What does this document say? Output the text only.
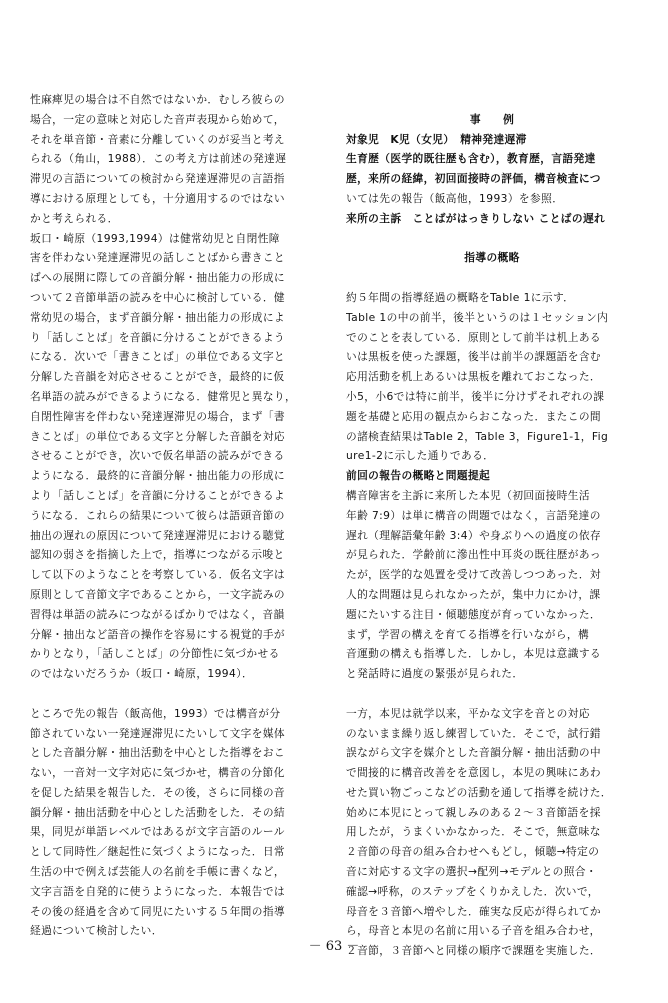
性麻痺児の場合は不自然ではないか．むしろ彼らの
場合，一定の意味と対応した音声表現から始めて，
それを単音節・音素に分離していくのが妥当と考え
られる（角山，1988）．この考え方は前述の発達遅
滞児の言語についての検討から発達遅滞児の言語指
導における原理としても，十分適用するのではない
かと考えられる．
坂口・崎原（1993,1994）は健常幼児と自閉性障
害を伴わない発達遅滞児の話しことばから書きこと
ばへの展開に際しての音韻分解・抽出能力の形成に
ついて２音節単語の読みを中心に検討している．健
常幼児の場合，まず音韻分解・抽出能力の形成によ
り「話しことば」を音韻に分けることができるよう
になる．次いで「書きことば」の単位である文字と
分解した音韻を対応させることができ，最終的に仮
名単語の読みができるようになる．健常児と異なり，
自閉性障害を伴わない発達遅滞児の場合，まず「書
きことば」の単位である文字と分解した音韻を対応
させることができ，次いで仮名単語の読みができる
ようになる．最終的に音韻分解・抽出能力の形成に
より「話しことば」を音韻に分けることができるよ
うになる．これらの結果について彼らは語頭音節の
抽出の遅れの原因について発達遅滞児における聴覚
認知の弱さを指摘した上で，指導につながる示唆と
して以下のようなことを考察している．仮名文字は
原則として音節文字であることから，一文字読みの
習得は単語の読みにつながるばかりではなく，音韻
分解・抽出など語音の操作を容易にする視覚的手が
かりとなり，「話しことば」の分節性に気づかせる
のではないだろうか（坂口・崎原，1994）．
ところで先の報告（飯高他，1993）では構音が分
節されていない一発達遅滞児にたいして文字を媒体
とした音韻分解・抽出活動を中心とした指導をおこ
ない，一音対一文字対応に気づかせ，構音の分節化
を促した結果を報告した．その後，さらに同様の音
韻分解・抽出活動を中心とした活動をした．その結
果，同児が単語レベルではあるが文字言語のルール
として同時性／継起性に気づくようになった．日常
生活の中で例えば芸能人の名前を手帳に書くなど，
文字言語を自発的に使うようになった．本報告では
その後の経過を含めて同児にたいする５年間の指導
経過について検討したい．
事　　例
対象児　K児（女児）　精神発達遅滞
生育歴（医学的既往歴も含む），教育歴，言語発達
歴，来所の経緯，初回面接時の評価，構音検査につ
いては先の報告（飯高他，1993）を参照．
来所の主訴　ことばがはっきりしない ことばの遅れ
指導の概略
約５年間の指導経過の概略をTable 1に示す．
Table 1の中の前半，後半というのは１セッション内
でのことを表している．原則として前半は机上ある
いは黒板を使った課題，後半は前半の課題語を含む
応用活動を机上あるいは黒板を離れておこなった．
小5，小6では特に前半，後半に分けずそれぞれの課
題を基礎と応用の観点からおこなった．またこの間
の諸検査結果はTable 2，Table 3，Figure1-1，Fig
ure1-2に示した通りである．
前回の報告の概略と問題提起
構音障害を主訴に来所した本児（初回面接時生活
年齢 7:9）は単に構音の問題ではなく，言語発達の
遅れ（理解語彙年齢 3:4）や身ぶりへの過度の依存
が見られた．学齢前に滲出性中耳炎の既往歴があっ
たが，医学的な処置を受けて改善しつつあった．対
人的な問題は見られなかったが，集中力にかけ，課
題にたいする注目・傾聴態度が育っていなかった．
まず，学習の構えを育てる指導を行いながら，構
音運動の構えも指導した．しかし，本児は意識する
と発話時に過度の緊張が見られた．
一方，本児は就学以来，平かな文字を音との対応
のないまま繰り返し練習していた．そこで，試行錯
誤ながら文字を媒介とした音韻分解・抽出活動の中
で間接的に構音改善をを意図し，本児の興味にあわ
せた買い物ごっこなどの活動を通して指導を続けた．
始めに本児にとって親しみのある２～３音節語を採
用したが，うまくいかなかった．そこで，無意味な
２音節の母音の組み合わせへもどし，傾聴→特定の
音に対応する文字の選択→配列→モデルとの照合・
確認→呼称，のステップをくりかえした．次いで，
母音を３音節へ増やした．確実な反応が得られてか
ら，母音と本児の名前に用いる子音を組み合わせ，
２音節，３音節へと同様の順序で課題を実施した．
－ 63 －
